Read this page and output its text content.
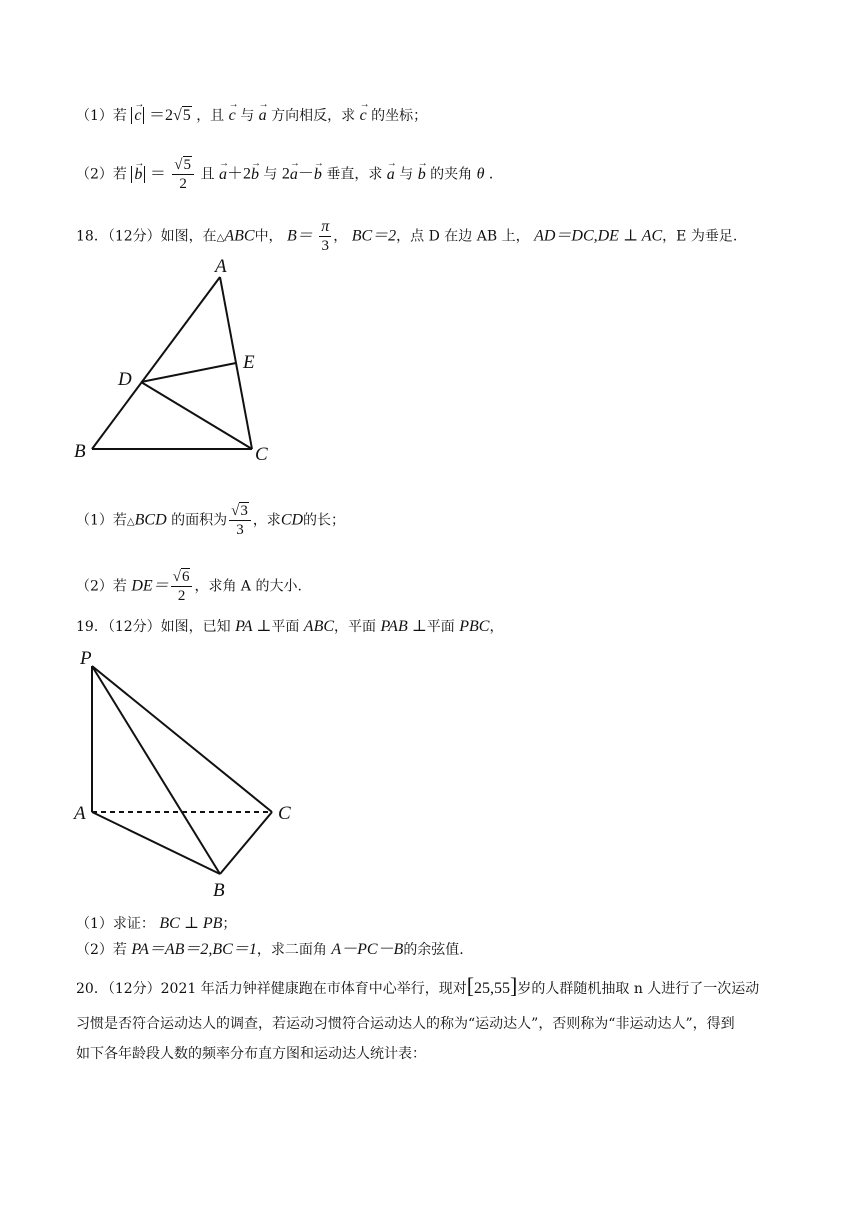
（1）若 → c ＝2√5 ，且 → c 与 → a 方向相反，求 → c 的坐标；
（2）若 → $b = \frac{√5}{2}$ 且 → a＋2→ b 与 2→ a－→ b 垂直，求 → a 与 → b 的夹角 θ ．
18．（12分）如图，在△ABC中， $B= \frac{\pi}{3}$ ， BC＝2，点 D 在边 AB 上， AD＝DC,DE ⊥ AC，E 为垂足.
A
B	C
D
E
（1）若△BCD 的面积为 $\frac{√3}{3}$ ，求CD的长；
（2）若 $DE= \frac{√6}{2}$ ，求角 A 的大小.
19．（12分）如图，已知 PA ⊥平面 ABC，平面 PAB ⊥平面 PBC，
P
A
B
C
（1）求证： BC ⊥ PB；
（2）若 PA＝AB＝2,BC＝1，求二面角 A－PC－B的余弦值.
20．（12分）2021 年活力钟祥健康跑在市体育中心举行，现对[25,55]岁的人群随机抽取 n 人进行了一次运动
习惯是否符合运动达人的调查，若运动习惯符合运动达人的称为“运动达人”，否则称为“非运动达人”，得到
如下各年龄段人数的频率分布直方图和运动达人统计表：
